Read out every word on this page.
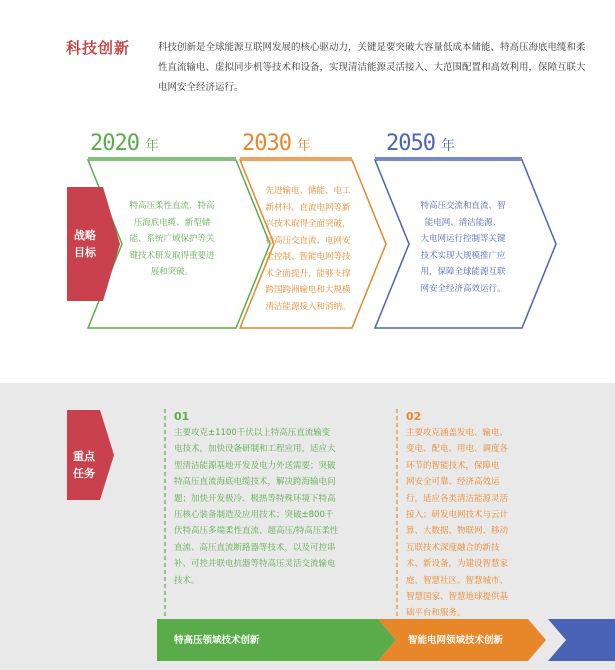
科技创新	科技创新是全球能源互联网发展的核心驱动力，关键是要突破大容量低成本储能、特高压海底电缆和柔性直流输电、虚拟同步机等技术和设备，实现清洁能源灵活接入、大范围配置和高效利用，保障互联大电网安全经济运行。
2020 年	2030 年	2050 年
战略
目标
特高压柔性直流、特高
压海底电缆、新型储
能、系统广域保护等关
键技术研发取得重要进
展和突破。
先进输电、储能、电工
新材料、直流电网等新
兴技术取得全面突破，
特高压交直流、电网安
全控制、智能电网等技
术全面提升，能够支撑
跨国跨洲输电和大规模
清洁能源接入和消纳。
特高压交流和直流、智
能电网、清洁能源、
大电网运行控制等关键
技术实现大规模推广应
用，保障全球能源互联
网安全经济高效运行。
重点
任务
01
主要攻克±1100千伏以上特高压直流输变
电技术，加快设备研制和工程应用，适应大
型清洁能源基地开发及电力外送需要；突破
特高压直流海底电缆技术，解决跨海输电问
题；加快开发极冷、极热等特殊环境下特高
压核心装备制造及应用技术；突破±800千
伏特高压多端柔性直流、超高压/特高压柔性
直流、高压直流断路器等技术，以及可控串
补、可控并联电抗器等特高压灵活交流输电
技术。
02
主要攻克涵盖发电、输电、
变电、配电、用电、调度各
环节的智能技术，保障电
网安全可靠、经济高效运
行，适应各类清洁能源灵活
接入；研发电网技术与云计
算、大数据、物联网、移动
互联技术深度融合的新技
术、新设备，为建设智慧家
庭、智慧社区、智慧城市、
智慧国家、智慧地球提供基
础平台和服务。
特高压领域技术创新	智能电网领域技术创新
